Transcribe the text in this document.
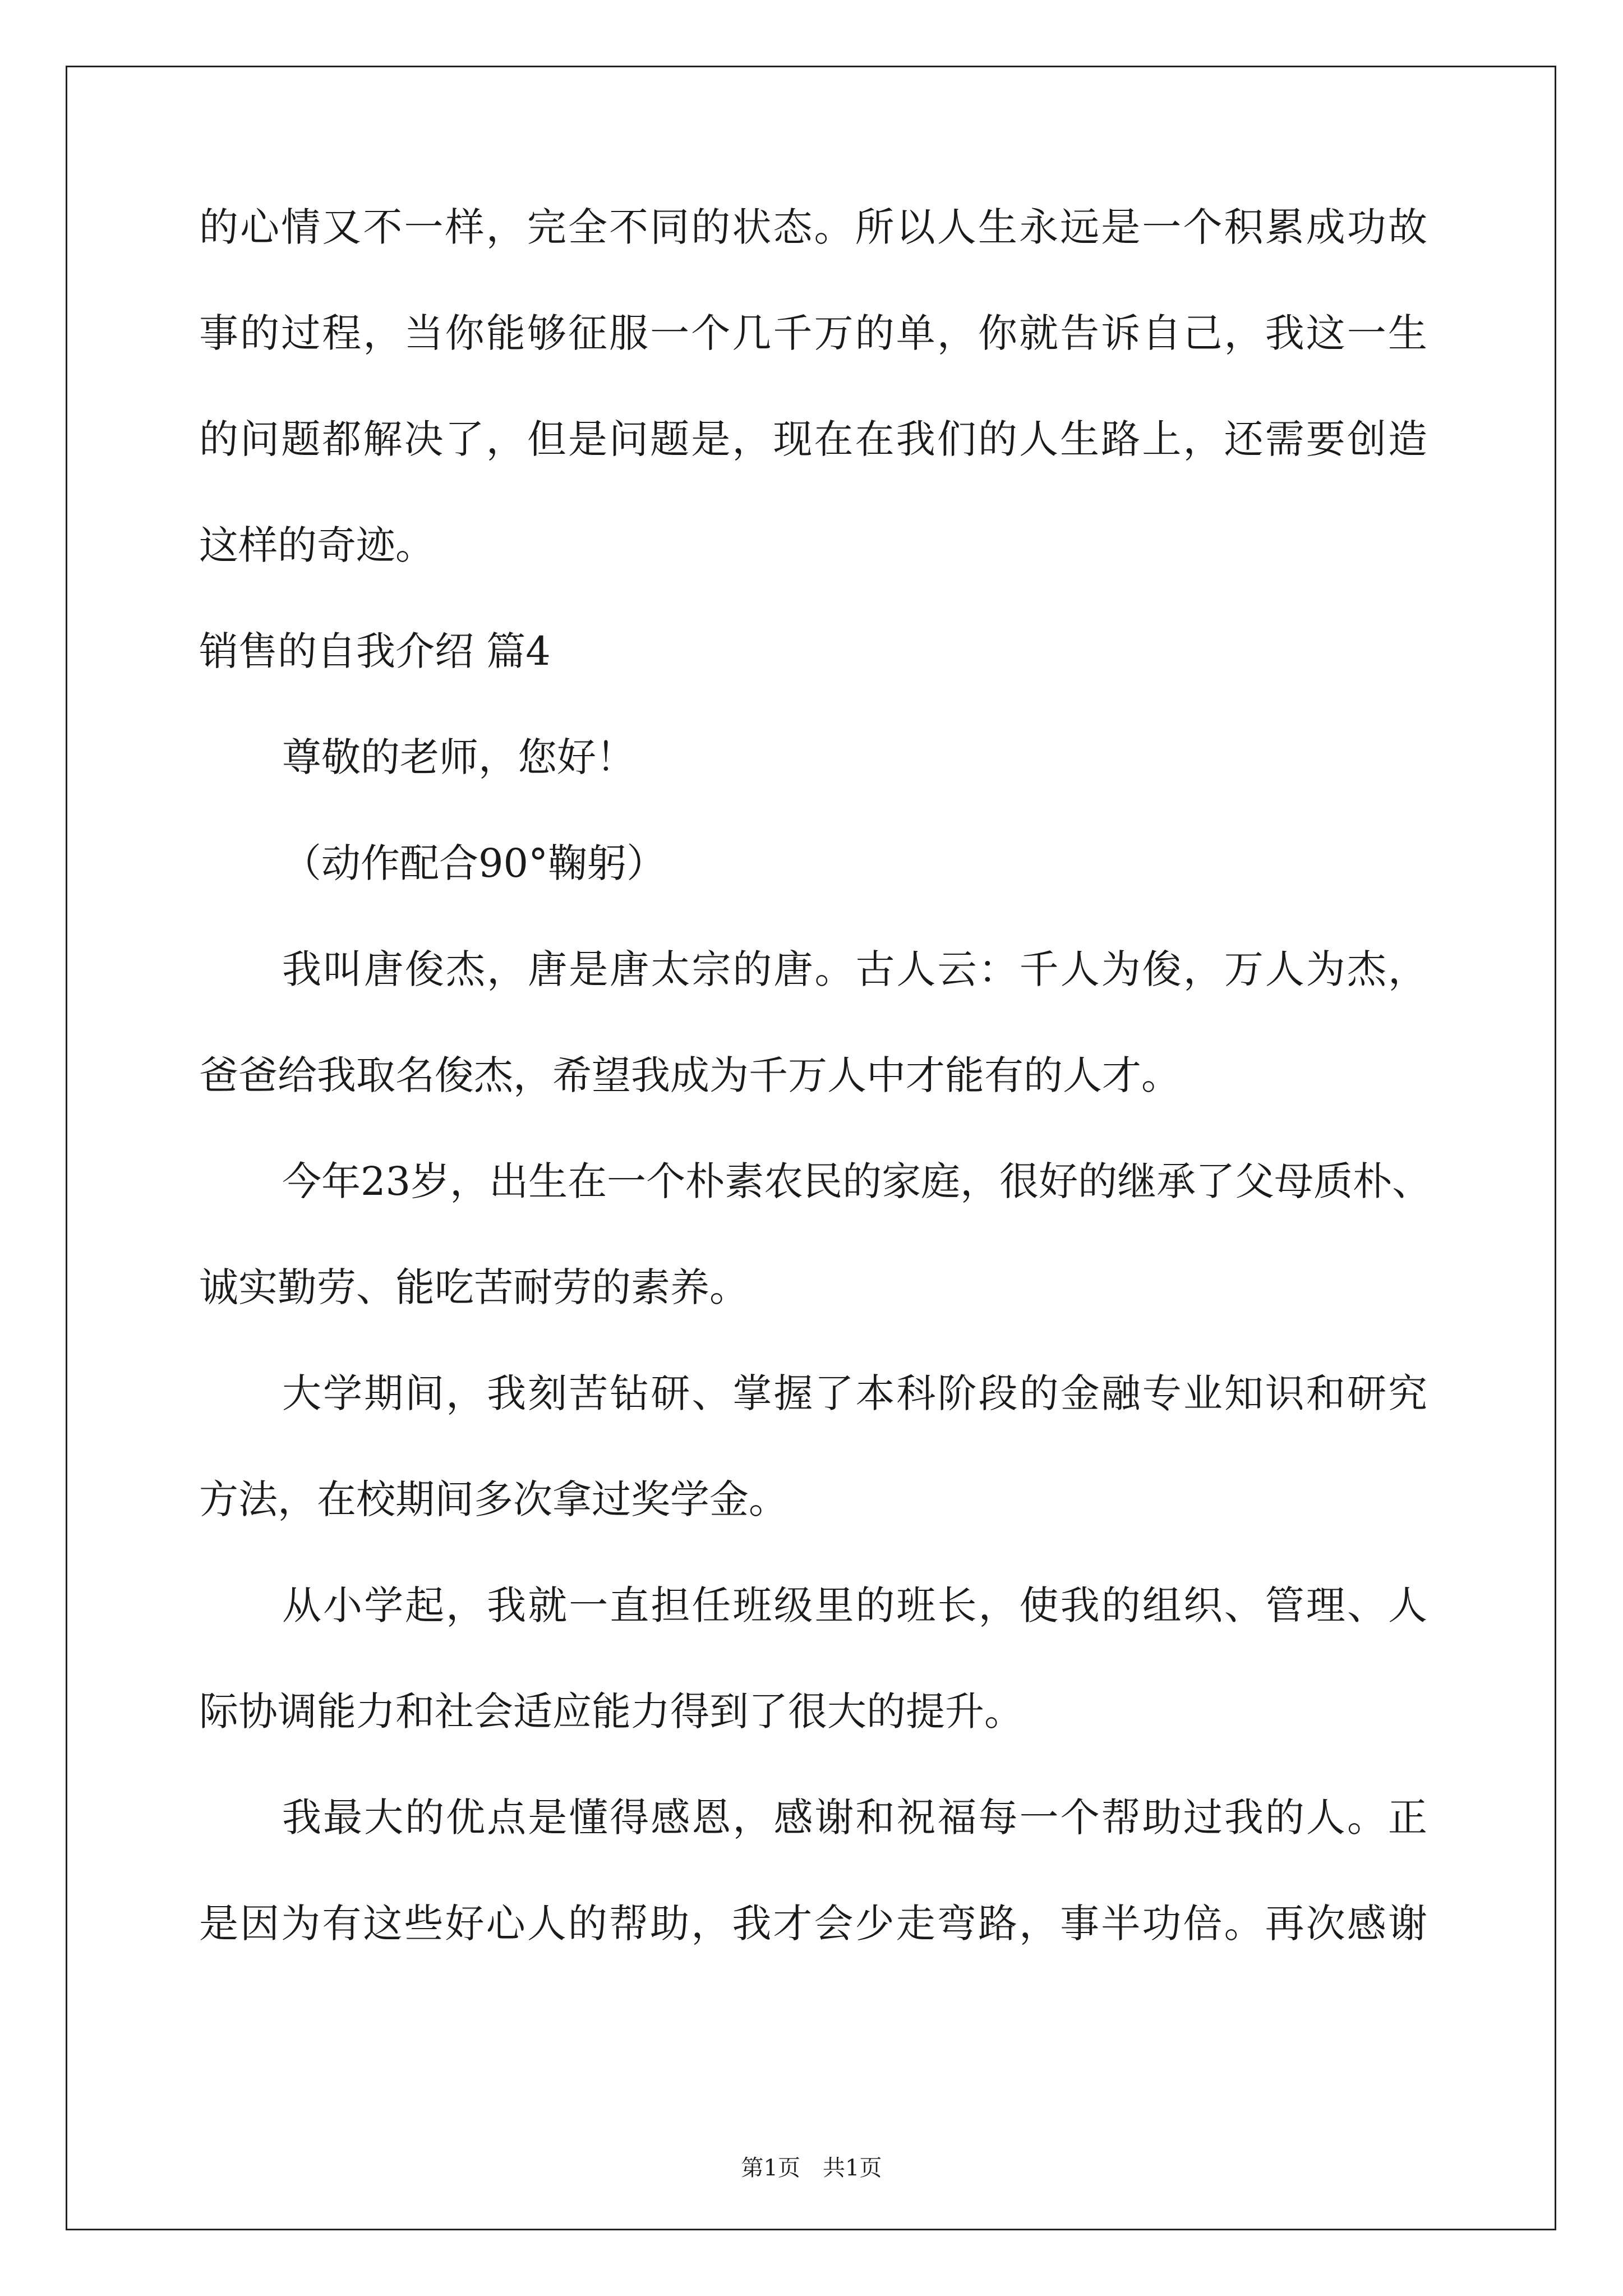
的心情又不一样，完全不同的状态。所以人生永远是一个积累成功故

事的过程，当你能够征服一个几千万的单，你就告诉自己，我这一生

的问题都解决了，但是问题是，现在在我们的人生路上，还需要创造

这样的奇迹。

销售的自我介绍 篇4

尊敬的老师，您好！

（动作配合90°鞠躬）

我叫唐俊杰，唐是唐太宗的唐。古人云：千人为俊，万人为杰，

爸爸给我取名俊杰，希望我成为千万人中才能有的人才。

今年23岁，出生在一个朴素农民的家庭，很好的继承了父母质朴、

诚实勤劳、能吃苦耐劳的素养。

大学期间，我刻苦钻研、掌握了本科阶段的金融专业知识和研究

方法，在校期间多次拿过奖学金。

从小学起，我就一直担任班级里的班长，使我的组织、管理、人

际协调能力和社会适应能力得到了很大的提升。

我最大的优点是懂得感恩，感谢和祝福每一个帮助过我的人。正

是因为有这些好心人的帮助，我才会少走弯路，事半功倍。再次感谢

第1页　共1页
